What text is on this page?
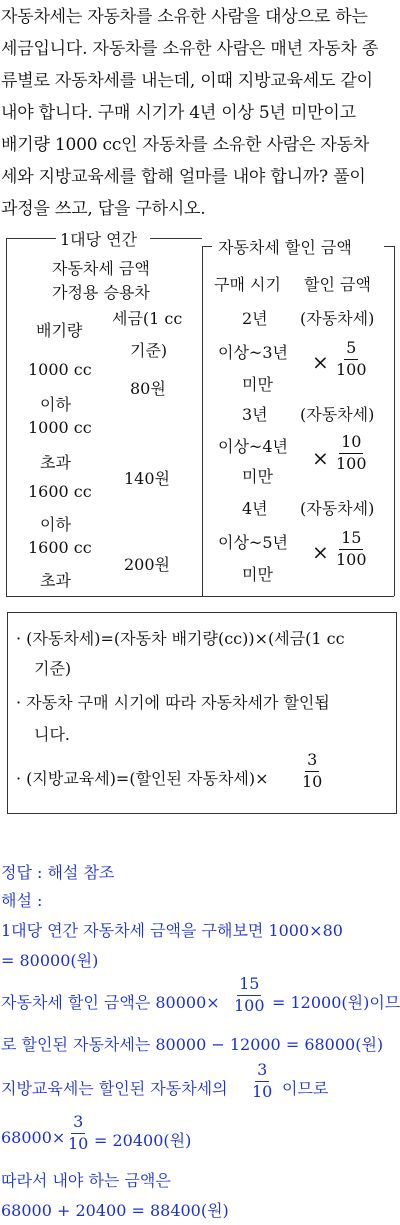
자동차세는 자동차를 소유한 사람을 대상으로 하는
세금입니다. 자동차를 소유한 사람은 매년 자동차 종
류별로 자동차세를 내는데, 이때 지방교육세도 같이
내야 합니다. 구매 시기가 4년 이상 5년 미만이고
배기량 1000 cc인 자동차를 소유한 사람은 자동차
세와 지방교육세를 합해 얼마를 내야 합니까? 풀이
과정을 쓰고, 답을 구하시오.
1대당 연간
자동차세 금액
가정용 승용차
배기량
세금(1 cc
기준)
1000 cc
이하
80원
1000 cc
초과
1600 cc
이하
140원
1600 cc
초과
200원
자동차세 할인 금액
구매 시기 할인 금액
2년
이상~3년
미만
(자동차세)
× $\frac{5}{100}$
3년
이상~4년
미만
(자동차세)
× $\frac{10}{100}$
4년
이상~5년
미만
(자동차세)
× $\frac{15}{100}$
· (자동차세)=(자동차 배기량(cc))×(세금(1 cc
기준)
· 자동차 구매 시기에 따라 자동차세가 할인됩
니다.
· (지방교육세)=(할인된 자동차세)× $\frac{3}{10}$
정답 : 해설 참조
해설 :
1대당 연간 자동차세 금액을 구해보면 1000×80
= 80000(원)
자동차세 할인 금액은 $80000\times \frac{15}{100} = 12000$(원)이므
로 할인된 자동차세는 80000 − 12000 = 68000(원)
지방교육세는 할인된 자동차세의 $\frac{3}{10}$ 이므로
$68000\times \frac{3}{10} = 20400$(원)
따라서 내야 하는 금액은
68000 + 20400 = 88400(원)
